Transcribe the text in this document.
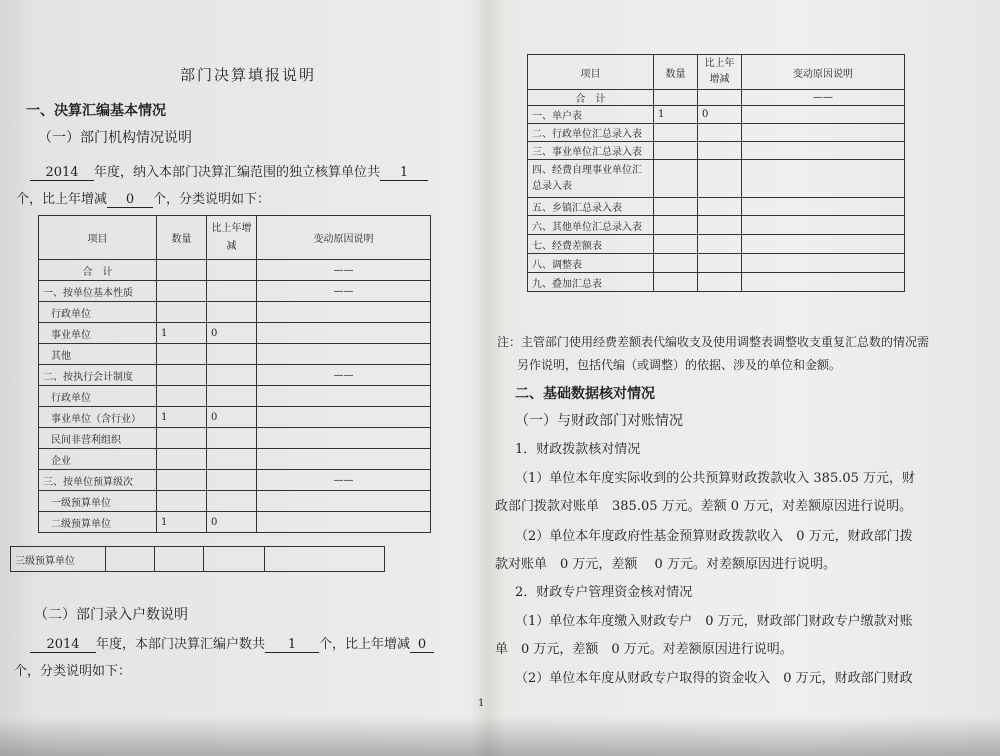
部门决算填报说明
一、决算汇编基本情况
（一）部门机构情况说明
2014 年度，纳入本部门决算汇编范围的独立核算单位共 1
个，比上年增减 0 个，分类说明如下：
项目	数量	比上年增减	变动原因说明
合　计			——
一、按单位基本性质			——
行政单位			
事业单位	1	0	
其他			
二、按执行会计制度			——
行政单位			
事业单位（含行业）	1	0	
民间非营利组织			
企业			
三、按单位预算级次			——
一级预算单位			
二级预算单位	1	0	
三级预算单位				
（二）部门录入户数说明
2014 年度，本部门决算汇编户数共 1 个，比上年增减 0
个，分类说明如下：
1
项目	数量	比上年增减	变动原因说明
合　计			——
一、单户表	1	0	
二、行政单位汇总录入表			
三、事业单位汇总录入表			
四、经费自理事业单位汇总录入表			
五、乡镇汇总录入表			
六、其他单位汇总录入表			
七、经费差额表			
八、调整表			
九、叠加汇总表			
注：主管部门使用经费差额表代编收支及使用调整表调整收支重复汇总数的情况需
另作说明，包括代编（或调整）的依据、涉及的单位和金额。
二、基础数据核对情况
（一）与财政部门对账情况
1．财政拨款核对情况
（1）单位本年度实际收到的公共预算财政拨款收入 385.05 万元，财
政部门拨款对账单　385.05 万元。差额 0 万元，对差额原因进行说明。
（2）单位本年度政府性基金预算财政拨款收入　0 万元，财政部门拨
款对账单　0 万元，差额　 0 万元。对差额原因进行说明。
2．财政专户管理资金核对情况
（1）单位本年度缴入财政专户　0 万元，财政部门财政专户缴款对账
单　0 万元，差额　0 万元。对差额原因进行说明。
（2）单位本年度从财政专户取得的资金收入　0 万元，财政部门财政
